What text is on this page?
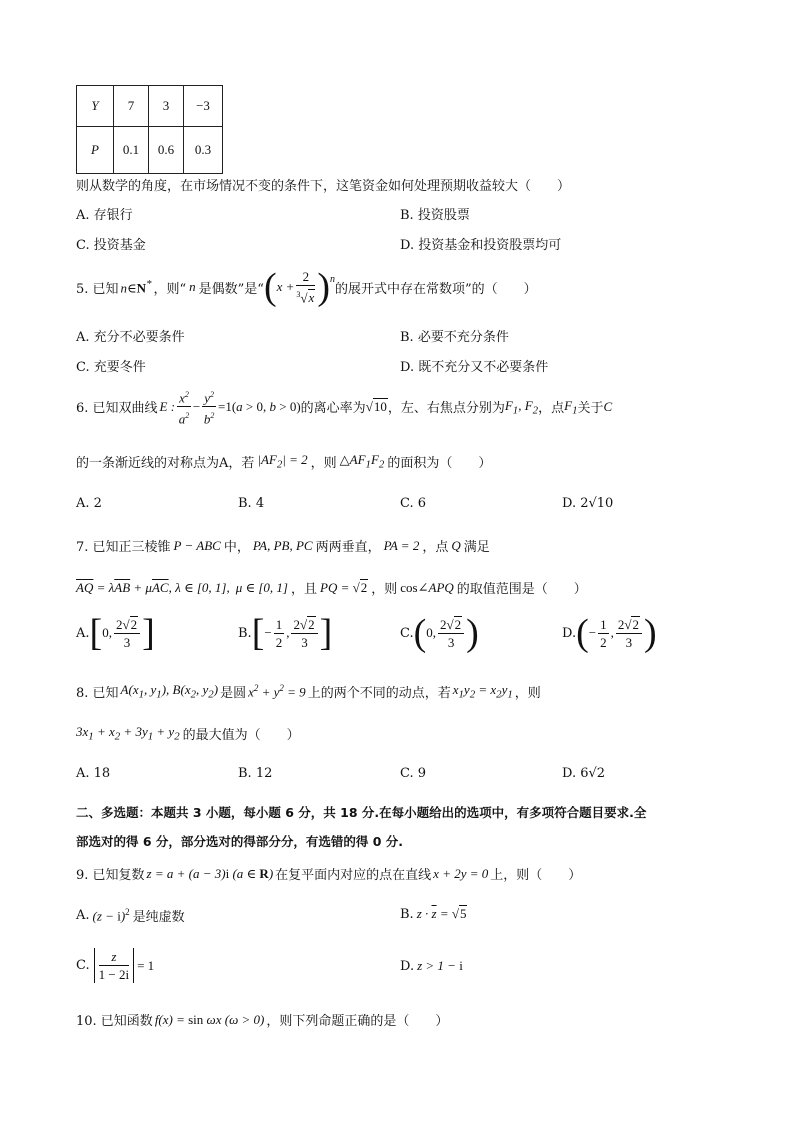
Y	7	3	−3
P	0.1	0.6	0.3
则从数学的角度，在市场情况不变的条件下，这笔资金如何处理预期收益较大（　　）
A. 存银行	B. 投资股票
C. 投资基金	D. 投资基金和投资股票均可
5. 已知 n∈N* ，则“ n 是偶数”是“ ( $x + \frac{2}{^3√x} )^n$
的展开式中存在常数项”的（　　）
A. 充分不必要条件	B. 必要不充分条件
C. 充要冬件	D. 既不充分又不必要条件
6. 已知双曲线 E : $\frac{x^2}{a^2} - \frac{y^2}{b^2} =1(a > 0$, b > 0) 的离心率为 √10 ，左、右焦点分别为 $F_1$, $F_2$ ，点 $F_1$ 关于 C
的一条渐近线的对称点为A，若 $|AF_2| = 2$ ，则 $\triangle AF_1F_2$ 的面积为（　　）
A. 2	B. 4	C. 6	D. 2√10
7. 已知正三棱锥 P − ABC 中， PA, PB, PC 两两垂直， PA = 2 ，点 Q 满足
$\overline{AQ} = \lambda\overline{AB} + \mu\overline{AC}$, λ ∈ [0, 1], μ ∈ [0, 1] ，且 PQ = √2 ，则 cos∠APQ 的取值范围是（　　）
A. [ 0, $\frac{2√2}{3}$ ]	B. [ − $\frac{1}{2}$ , $\frac{2√2}{3}$ ]	C. ( 0, $\frac{2√2}{3}$ )	D. ( − $\frac{1}{2}$ , $\frac{2√2}{3}$ )
8. 已知 $A(x_1$, $y_1$), $B(x_2$, $y_2$) 是圆 $x^2 + y^2 = 9$ 上的两个不同的动点，若 $x_1y_2 = x_2y_1$ ，则
$3x_1 + x_2 + 3y_1 + y_2$ 的最大值为（　　）
A. 18	B. 12	C. 9	D. 6√2
二、多选题：本题共 3 小题，每小题 6 分，共 18 分.在每小题给出的选项中，有多项符合题目要求.全
部选对的得 6 分，部分选对的得部分分，有选错的得 0 分.
9. 已知复数 z = a + (a − 3)i (a ∈ R) 在复平面内对应的点在直线 x + 2y = 0 上，则（　　）
A. $(z - i)^2$ 是纯虚数	B. $z \cdot \overline{z} = √5$
C. $\frac{z}{1 - 2i} = 1$	D. z > 1 − i
10. 已知函数 f(x) = sin ωx (ω > 0) ，则下列命题正确的是（　　）
